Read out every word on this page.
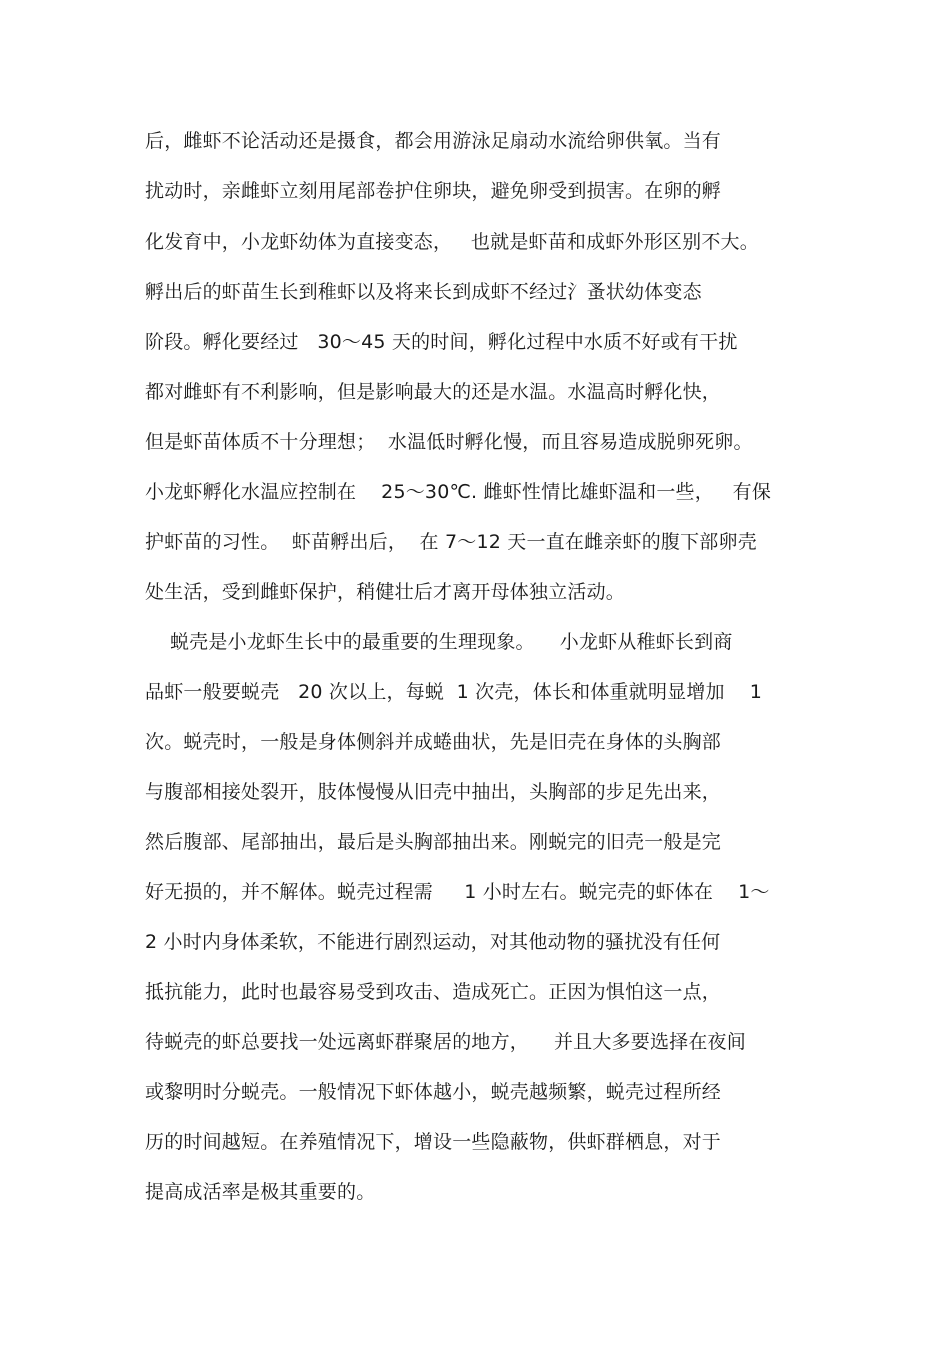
后，雌虾不论活动还是摄食，都会用游泳足扇动水流给卵供氧。当有
扰动时，亲雌虾立刻用尾部卷护住卵块，避免卵受到损害。在卵的孵
化发育中，小龙虾幼体为直接变态，   也就是虾苗和成虾外形区别不大。
孵出后的虾苗生长到稚虾以及将来长到成虾不经过氵蚤状幼体变态
阶段。孵化要经过   30～45 天的时间，孵化过程中水质不好或有干扰
都对雌虾有不利影响，但是影响最大的还是水温。水温高时孵化快，
但是虾苗体质不十分理想；  水温低时孵化慢，而且容易造成脱卵死卵。
小龙虾孵化水温应控制在    25～30℃. 雌虾性情比雄虾温和一些，   有保
护虾苗的习性。  虾苗孵出后，  在 7～12 天一直在雌亲虾的腹下部卵壳
处生活，受到雌虾保护，稍健壮后才离开母体独立活动。
蜕壳是小龙虾生长中的最重要的生理现象。    小龙虾从稚虾长到商
品虾一般要蜕壳   20 次以上，每蜕  1 次壳，体长和体重就明显增加    1
次。蜕壳时，一般是身体侧斜并成蜷曲状，先是旧壳在身体的头胸部
与腹部相接处裂开，肢体慢慢从旧壳中抽出，头胸部的步足先出来，
然后腹部、尾部抽出，最后是头胸部抽出来。刚蜕完的旧壳一般是完
好无损的，并不解体。蜕壳过程需     1 小时左右。蜕完壳的虾体在    1～
2 小时内身体柔软，不能进行剧烈运动，对其他动物的骚扰没有任何
抵抗能力，此时也最容易受到攻击、造成死亡。正因为惧怕这一点，
待蜕壳的虾总要找一处远离虾群聚居的地方，    并且大多要选择在夜间
或黎明时分蜕壳。一般情况下虾体越小，蜕壳越频繁，蜕壳过程所经
历的时间越短。在养殖情况下，增设一些隐蔽物，供虾群栖息，对于
提高成活率是极其重要的。
